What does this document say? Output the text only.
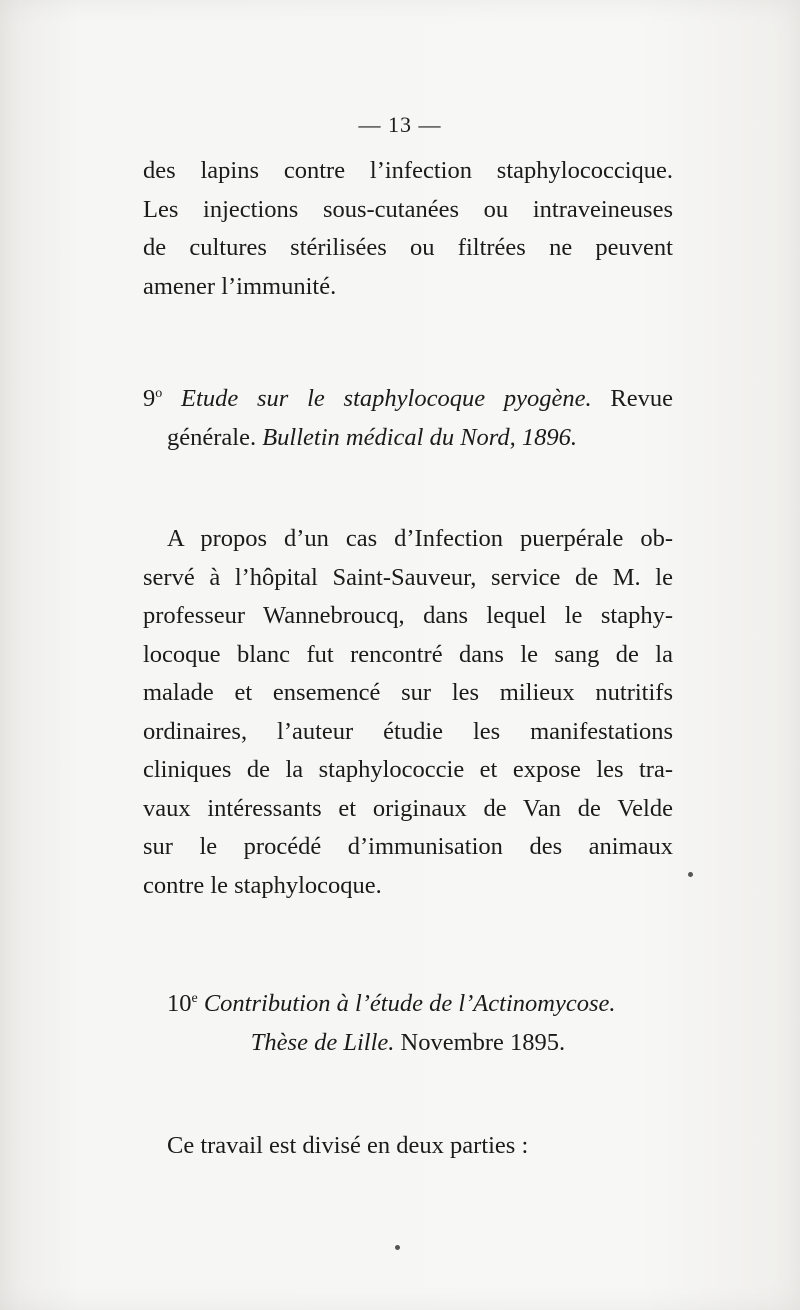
— 13 —
des lapins contre l’infection staphylococcique.
Les injections sous-cutanées ou intraveineuses
de cultures stérilisées ou filtrées ne peuvent
amener l’immunité.
9$^o$ Etude sur le staphylocoque pyogène. Revue
générale. Bulletin médical du Nord, 1896.
A propos d’un cas d’Infection puerpérale ob-
servé à l’hôpital Saint-Sauveur, service de M. le
professeur Wannebroucq, dans lequel le staphy-
locoque blanc fut rencontré dans le sang de la
malade et ensemencé sur les milieux nutritifs
ordinaires, l’auteur étudie les manifestations
cliniques de la staphylococcie et expose les tra-
vaux intéressants et originaux de Van de Velde
sur le procédé d’immunisation des animaux
contre le staphylocoque.
10e Contribution à l’étude de l’Actinomycose.
Thèse de Lille. Novembre 1895.
Ce travail est divisé en deux parties :
